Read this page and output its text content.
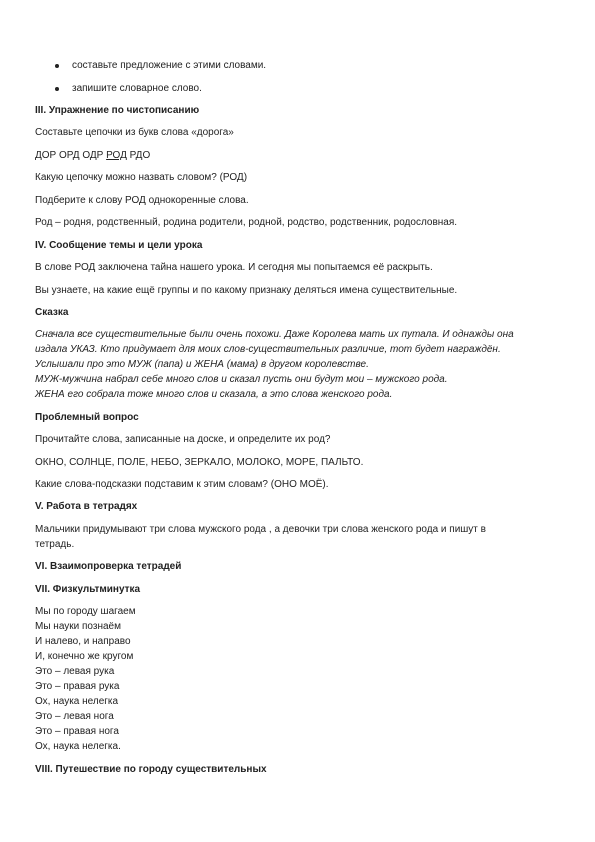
составьте предложение с этими словами.
запишите словарное слово.
III. Упражнение по чистописанию

Составьте цепочки из букв слова «дорога»

ДОР ОРД ОДР РОД РДО

Какую цепочку можно назвать словом? (РОД)

Подберите к слову РОД однокоренные слова.

Род – родня, родственный, родина родители, родной, родство, родственник, родословная.

IV. Сообщение темы и цели урока

В слове РОД заключена тайна нашего урока. И сегодня мы попытаемся её раскрыть.

Вы узнаете, на какие ещё группы и по какому признаку деляться имена существительные.

Сказка

Сначала все существительные были очень похожи. Даже Королева мать их путала. И однажды она

издала УКАЗ. Кто придумает для моих слов-существительных различие, тот будет награждён.

Услышали про это МУЖ (папа) и ЖЕНА (мама) в другом королевстве.

МУЖ-мужчина набрал себе много слов и сказал пусть они будут мои – мужского рода.

ЖЕНА его собрала тоже много слов и сказала, а это слова женского рода.

Проблемный вопрос

Прочитайте слова, записанные на доске, и определите их род?

ОКНО, СОЛНЦЕ, ПОЛЕ, НЕБО, ЗЕРКАЛО, МОЛОКО, МОРЕ, ПАЛЬТО.

Какие слова-подсказки подставим к этим словам? (ОНО МОЁ).

V. Работа в тетрадях

Мальчики придумывают три слова мужского рода , а девочки три слова женского рода и пишут в

тетрадь.

VI. Взаимопроверка тетрадей
VII. Физкультминутка

Мы по городу шагаем

Мы науки познаём

И налево, и направо

И, конечно же кругом

Это – левая рука

Это – правая рука

Ох, наука нелегка

Это – левая нога

Это – правая нога

Ох, наука нелегка.

VIII. Путешествие по городу существительных
